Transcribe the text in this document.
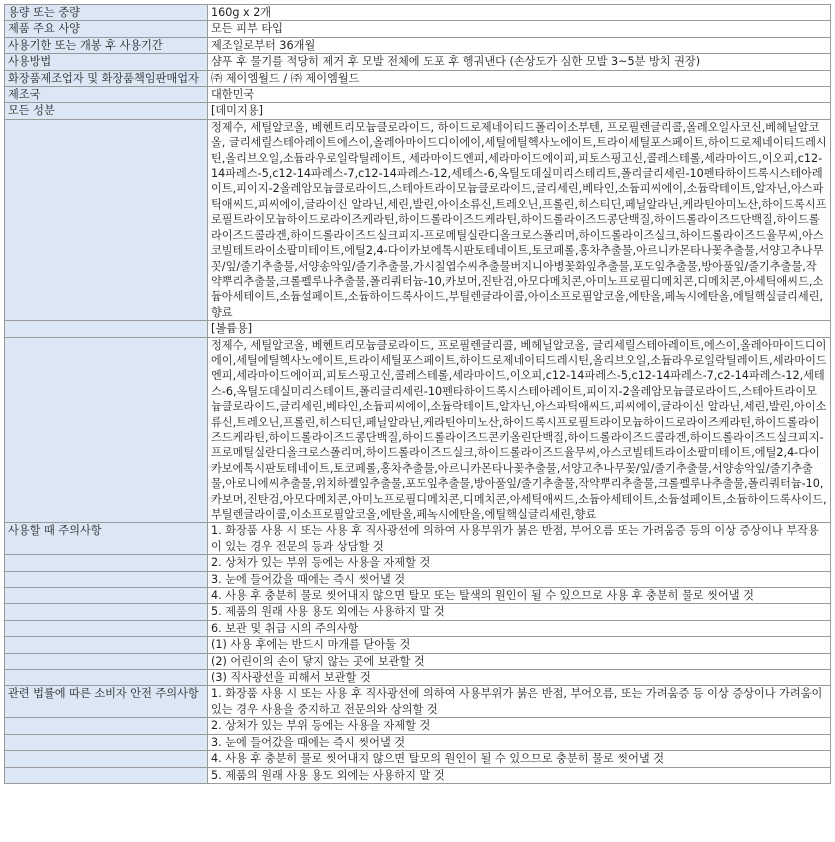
용량 또는 중량	160g x 2개
제품 주요 사양	모든 피부 타입
사용기한 또는 개봉 후 사용기간	제조일로부터 36개월
사용방법	샴푸 후 물기를 적당히 제거 후 모발 전체에 도포 후 헹궈낸다 (손상도가 심한 모발 3~5분 방치 권장)
화장품제조업자 및 화장품책임판매업자	㈜ 제이엠월드 / ㈜ 제이엠월드
제조국	대한민국
모든 성분	[데미지용]
	정제수, 세틸알코올, 베헨트리모늄클로라이드, 하이드로제네이티드폴리이소부텐, 프로필렌글리콜,올레오일사코신,베헤닐알코올, 글리세릴스테아레이트에스이,올레아마이드디이에이,세틸에틸헥사노에이트,트라이세틸포스페이트,하이드로제네이티드레시틴,올리브오일,소듐라우로일락틸레이트, 세라마이드엔피,세라마이드에이피,피토스핑고신,콜레스테롤,세라마이드,이오피,c12-14파레스-5,c12-14파레스-7,c12-14파레스-12,세테스-6,옥틸도데실미리스테리트,폴리글리세린-10펜타하이드록시스테아레이트,피이지-2올레암모늄클로라이드,스테아트라이모늄클로라이드,글리세린,베타인,소듐피씨에이,소듐락테이트,알자닌,아스파틱애씨드,피씨에이,글라이신 알라닌,세린,발린,아이소류신,트레오닌,프롤린,히스티딘,페닐알라닌,케라틴아미노산,하이드록시프로필트라이모늄하이드로라이즈케라틴,하이드롤라이즈드케라틴,하이드롤라이즈드콩단백질,하이드롤라이즈드단백질,하이드롤라이즈드콜라겐,하이드롤라이즈드실크피지-프로메틸실란디올크로스폴리머,하이드롤라이즈실크,하이드롤라이즈드율무씨,아스코빌테트라이소팔미테이트,에틸2,4-다이카보에톡시판토테네이트,토코페롤,홍차추출물,아르니카몬타나꽃추출물,서양고추나무꼿/잎/줄기추출물,서양송악잎/줄기추출물,가시칠엽수씨추출물버지니아병꽃화잎추출물,포도잎추출물,방아풀잎/줄기추출물,작약뿌리추출물,크롤펠루나추출물,폴리쿼터늄-10,카보머,진탄검,아모다메치콘,아미노프로필디메치콘,디메치콘,아세틱애씨드,소듐아세테이트,소듐설페이트,소듐하이드록사이드,부틸렌글라이콜,아이소프로필알코올,에탄올,페녹시에탄올,에틸핵실글리세린,향료
	[볼륨용]
	정제수, 세틸알코올, 베헨트리모늄클로라이드, 프로필렌글리콜, 베헤닐알코올, 글리세릴스테아레이트,에스이,올레아마이드디이에이,세틸에틸헥사노에이트,트라이세틸포스페이트,하이드로제네이티드레시틴,올리브오일,소듐라우로일락틸레이트,세라마이드엔피,세라마이드에이피,피토스핑고신,콜레스테롤,세라마이드,이오피,c12-14파레스-5,c12-14파레스-7,c2-14파레스-12,세테스-6,옥틸도데실미리스테이트,폴리글리세린-10펜타하이드록시스테아레이트,피이지-2올레암모늄클로라이드,스테아트라이모늄클로라이드,글리세린,베타인,소듐피씨에이,소듐락테이트,알자닌,아스파틱애씨드,피씨에이,글라이신 알라닌,세린,발린,아이소류신,트레오닌,프롤린,히스티딘,페닐알라닌,케라틴아미노산,하이드록시프로필트라이모늄하이드로라이즈케라틴,하이드롤라이즈드케라틴,하이드롤라이즈드콩단백질,하이드롤라이즈드콘키올린단백질,하이드롤라이즈드콜라겐,하이드롤라이즈드실크피지-프로메틸실란디올크로스폴리머,하이드롤라이즈드실크,하이드롤라이즈드율무씨,아스코빌테트라이소팔미테이트,에틸2,4-다이카보에톡시판토테네이트,토코페롤,홍차추출물,아르니카몬타나꽃추출물,서양고추나무꽃/잎/줄기추출물,서양송악잎/줄기추출물,아로니에씨추출물,위치하젤잎추출물,포도잎추출물,방아풀잎/줄기추출물,작약뿌리추출물,크롤펠루나추출물,폴리쿼터늄-10,카보머,진탄검,아모다메치콘,아미노프로필디메치콘,디메치콘,아세틱애씨드,소듐아세테이트,소듐설페이트,소듐하이드록사이드,부틸렌글라이콜,이소프로필알코올,에탄올,페녹시에탄올,에틸핵실글리세린,향료
사용할 때 주의사항	1. 화장품 사용 시 또는 사용 후 직사광선에 의하여 사용부위가 붉은 반점, 부어오름 또는 가려움증 등의 이상 증상이나 부작용이 있는 경우 전문의 등과 상담할 것
	2. 상처가 있는 부위 등에는 사용을 자제할 것
	3. 눈에 들어갔을 때에는 즉시 씻어낼 것
	4. 사용 후 충분히 물로 씻어내지 않으면 탈모 또는 탈색의 원인이 될 수 있으므로 사용 후 충분히 물로 씻어낼 것
	5. 제품의 원래 사용 용도 외에는 사용하지 말 것
	6. 보관 및 취급 시의 주의사항
	(1) 사용 후에는 반드시 마개를 닫아둘 것
	(2) 어린이의 손이 닿지 않는 곳에 보관할 것
	(3) 직사광선을 피해서 보관할 것
관련 법률에 따른 소비자 안전 주의사항	1. 화장품 사용 시 또는 사용 후 직사광선에 의하여 사용부위가 붉은 반점, 부어오름, 또는 가려움증 등 이상 증상이나 가려움이 있는 경우 사용을 중지하고 전문의와 상의할 것
	2. 상처가 있는 부위 등에는 사용을 자제할 것
	3. 눈에 들어갔을 때에는 즉시 씻어낼 것
	4. 사용 후 충분히 물로 씻어내지 않으면 탈모의 원인이 될 수 있으므로 충분히 물로 씻어낼 것
	5. 제품의 원래 사용 용도 외에는 사용하지 말 것
